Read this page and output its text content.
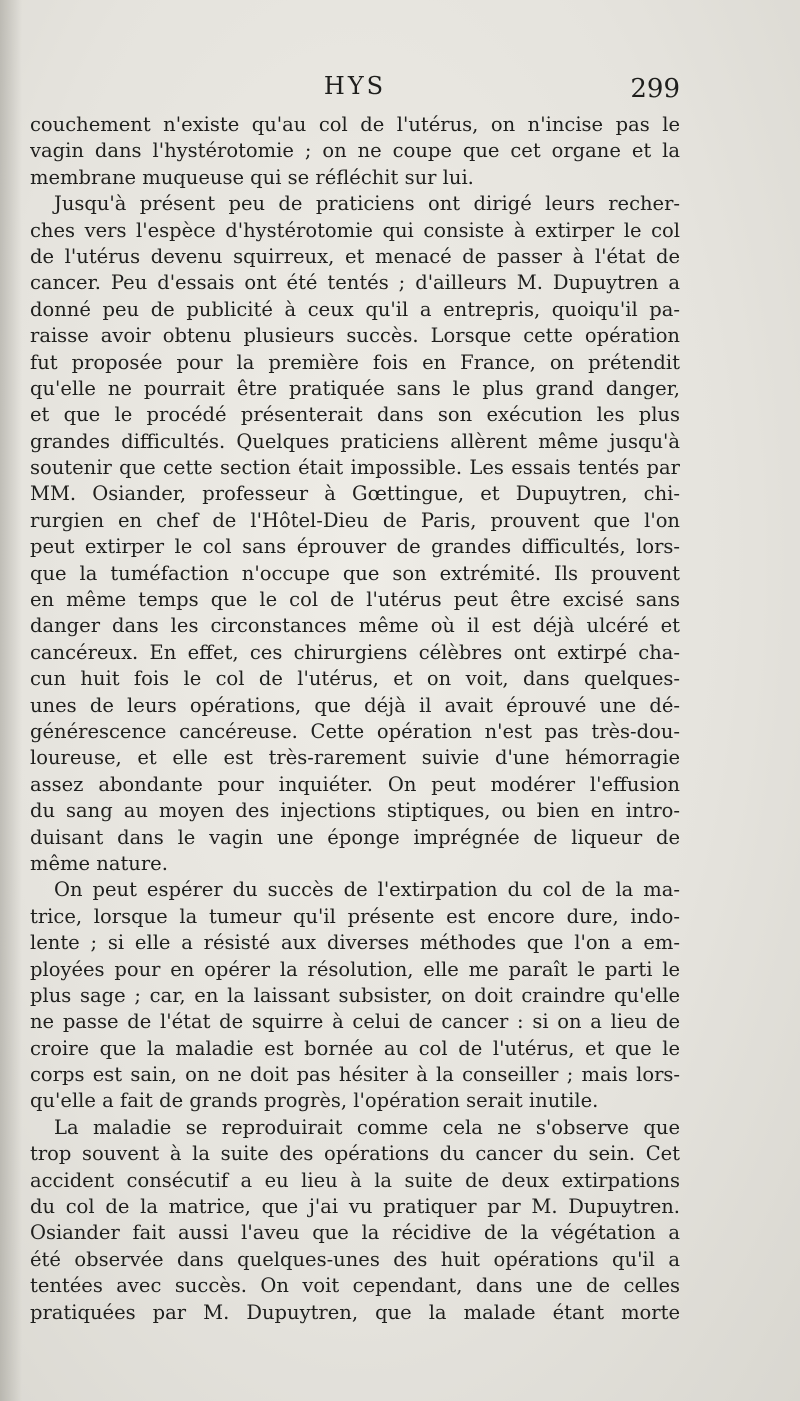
HYS	299
couchement n'existe qu'au col de l'utérus, on n'incise pas le
vagin dans l'hystérotomie ; on ne coupe que cet organe et la
membrane muqueuse qui se réfléchit sur lui.
Jusqu'à présent peu de praticiens ont dirigé leurs recher-
ches vers l'espèce d'hystérotomie qui consiste à extirper le col
de l'utérus devenu squirreux, et menacé de passer à l'état de
cancer. Peu d'essais ont été tentés ; d'ailleurs M. Dupuytren a
donné peu de publicité à ceux qu'il a entrepris, quoiqu'il pa-
raisse avoir obtenu plusieurs succès. Lorsque cette opération
fut proposée pour la première fois en France, on prétendit
qu'elle ne pourrait être pratiquée sans le plus grand danger,
et que le procédé présenterait dans son exécution les plus
grandes difficultés. Quelques praticiens allèrent même jusqu'à
soutenir que cette section était impossible. Les essais tentés par
MM. Osiander, professeur à Gœttingue, et Dupuytren, chi-
rurgien en chef de l'Hôtel-Dieu de Paris, prouvent que l'on
peut extirper le col sans éprouver de grandes difficultés, lors-
que la tuméfaction n'occupe que son extrémité. Ils prouvent
en même temps que le col de l'utérus peut être excisé sans
danger dans les circonstances même où il est déjà ulcéré et
cancéreux. En effet, ces chirurgiens célèbres ont extirpé cha-
cun huit fois le col de l'utérus, et on voit, dans quelques-
unes de leurs opérations, que déjà il avait éprouvé une dé-
générescence cancéreuse. Cette opération n'est pas très-dou-
loureuse, et elle est très-rarement suivie d'une hémorragie
assez abondante pour inquiéter. On peut modérer l'effusion
du sang au moyen des injections stiptiques, ou bien en intro-
duisant dans le vagin une éponge imprégnée de liqueur de
même nature.
On peut espérer du succès de l'extirpation du col de la ma-
trice, lorsque la tumeur qu'il présente est encore dure, indo-
lente ; si elle a résisté aux diverses méthodes que l'on a em-
ployées pour en opérer la résolution, elle me paraît le parti le
plus sage ; car, en la laissant subsister, on doit craindre qu'elle
ne passe de l'état de squirre à celui de cancer : si on a lieu de
croire que la maladie est bornée au col de l'utérus, et que le
corps est sain, on ne doit pas hésiter à la conseiller ; mais lors-
qu'elle a fait de grands progrès, l'opération serait inutile.
La maladie se reproduirait comme cela ne s'observe que
trop souvent à la suite des opérations du cancer du sein. Cet
accident consécutif a eu lieu à la suite de deux extirpations
du col de la matrice, que j'ai vu pratiquer par M. Dupuytren.
Osiander fait aussi l'aveu que la récidive de la végétation a
été observée dans quelques-unes des huit opérations qu'il a
tentées avec succès. On voit cependant, dans une de celles
pratiquées par M. Dupuytren, que la malade étant morte
